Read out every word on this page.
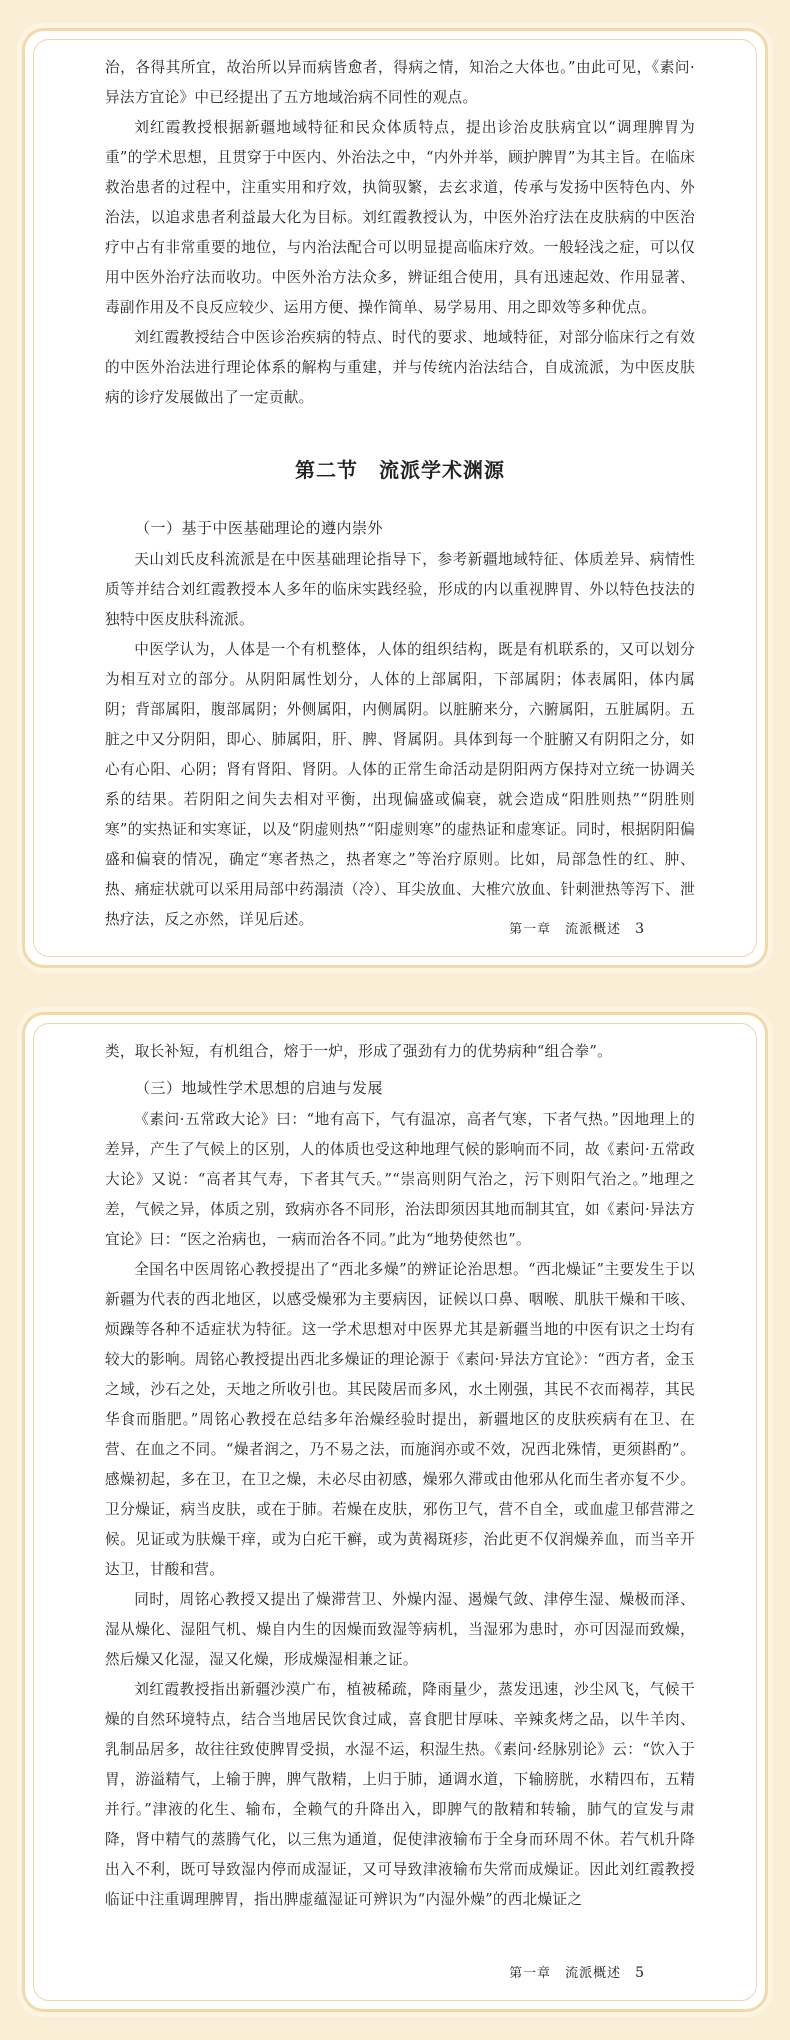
治，各得其所宜，故治所以异而病皆愈者，得病之情，知治之大体也。”由此可见，《素问·异法方宜论》中已经提出了五方地域治病不同性的观点。

刘红霞教授根据新疆地域特征和民众体质特点，提出诊治皮肤病宜以“调理脾胃为重”的学术思想，且贯穿于中医内、外治法之中，“内外并举，顾护脾胃”为其主旨。在临床救治患者的过程中，注重实用和疗效，执简驭繁，去玄求道，传承与发扬中医特色内、外治法，以追求患者利益最大化为目标。刘红霞教授认为，中医外治疗法在皮肤病的中医治疗中占有非常重要的地位，与内治法配合可以明显提高临床疗效。一般轻浅之症，可以仅用中医外治疗法而收功。中医外治方法众多，辨证组合使用，具有迅速起效、作用显著、毒副作用及不良反应较少、运用方便、操作简单、易学易用、用之即效等多种优点。

刘红霞教授结合中医诊治疾病的特点、时代的要求、地域特征，对部分临床行之有效的中医外治法进行理论体系的解构与重建，并与传统内治法结合，自成流派，为中医皮肤病的诊疗发展做出了一定贡献。

第二节　流派学术渊源
（一）基于中医基础理论的遵内崇外

天山刘氏皮科流派是在中医基础理论指导下，参考新疆地域特征、体质差异、病情性质等并结合刘红霞教授本人多年的临床实践经验，形成的内以重视脾胃、外以特色技法的独特中医皮肤科流派。

中医学认为，人体是一个有机整体，人体的组织结构，既是有机联系的，又可以划分为相互对立的部分。从阴阳属性划分，人体的上部属阳，下部属阴；体表属阳，体内属阴；背部属阳，腹部属阴；外侧属阳，内侧属阴。以脏腑来分，六腑属阳，五脏属阴。五脏之中又分阴阳，即心、肺属阳，肝、脾、肾属阴。具体到每一个脏腑又有阴阳之分，如心有心阳、心阴；肾有肾阳、肾阴。人体的正常生命活动是阴阳两方保持对立统一协调关系的结果。若阴阳之间失去相对平衡，出现偏盛或偏衰，就会造成“阳胜则热”“阴胜则寒”的实热证和实寒证，以及“阴虚则热”“阳虚则寒”的虚热证和虚寒证。同时，根据阴阳偏盛和偏衰的情况，确定“寒者热之，热者寒之”等治疗原则。比如，局部急性的红、肿、热、痛症状就可以采用局部中药溻渍（冷）、耳尖放血、大椎穴放血、针刺泄热等泻下、泄热疗法，反之亦然，详见后述。

第一章　流派概述 3

类，取长补短，有机组合，熔于一炉，形成了强劲有力的优势病种“组合拳”。

（三）地域性学术思想的启迪与发展

《素问·五常政大论》曰：“地有高下，气有温凉，高者气寒，下者气热。”因地理上的差异，产生了气候上的区别，人的体质也受这种地理气候的影响而不同，故《素问·五常政大论》又说：“高者其气寿，下者其气夭。”“崇高则阴气治之，污下则阳气治之。”地理之差，气候之异，体质之别，致病亦各不同形，治法即须因其地而制其宜，如《素问·异法方宜论》曰：“医之治病也，一病而治各不同。”此为“地势使然也”。

全国名中医周铭心教授提出了“西北多燥”的辨证论治思想。“西北燥证”主要发生于以新疆为代表的西北地区，以感受燥邪为主要病因，证候以口鼻、咽喉、肌肤干燥和干咳、烦躁等各种不适症状为特征。这一学术思想对中医界尤其是新疆当地的中医有识之士均有较大的影响。周铭心教授提出西北多燥证的理论源于《素问·异法方宜论》：“西方者，金玉之域，沙石之处，天地之所收引也。其民陵居而多风，水土刚强，其民不衣而褐荐，其民华食而脂肥。”周铭心教授在总结多年治燥经验时提出，新疆地区的皮肤疾病有在卫、在营、在血之不同。“燥者润之，乃不易之法，而施润亦或不效，况西北殊情，更须斟酌”。感燥初起，多在卫，在卫之燥，未必尽由初感，燥邪久滞或由他邪从化而生者亦复不少。卫分燥证，病当皮肤，或在于肺。若燥在皮肤，邪伤卫气，营不自全，或血虚卫郁营滞之候。见证或为肤燥干痒，或为白疕干癣，或为黄褐斑疹，治此更不仅润燥养血，而当辛开达卫，甘酸和营。

同时，周铭心教授又提出了燥滞营卫、外燥内湿、遏燥气敛、津停生湿、燥极而泽、湿从燥化、湿阻气机、燥自内生的因燥而致湿等病机，当湿邪为患时，亦可因湿而致燥，然后燥又化湿，湿又化燥，形成燥湿相兼之证。

刘红霞教授指出新疆沙漠广布，植被稀疏，降雨量少，蒸发迅速，沙尘风飞，气候干燥的自然环境特点，结合当地居民饮食过咸，喜食肥甘厚味、辛辣炙烤之品，以牛羊肉、乳制品居多，故往往致使脾胃受损，水湿不运，积湿生热。《素问·经脉别论》云：“饮入于胃，游溢精气，上输于脾，脾气散精，上归于肺，通调水道，下输膀胱，水精四布，五精并行。”津液的化生、输布，全赖气的升降出入，即脾气的散精和转输，肺气的宣发与肃降，肾中精气的蒸腾气化，以三焦为通道，促使津液输布于全身而环周不休。若气机升降出入不利，既可导致湿内停而成湿证，又可导致津液输布失常而成燥证。因此刘红霞教授临证中注重调理脾胃，指出脾虚蕴湿证可辨识为“内湿外燥”的西北燥证之

第一章　流派概述 5
